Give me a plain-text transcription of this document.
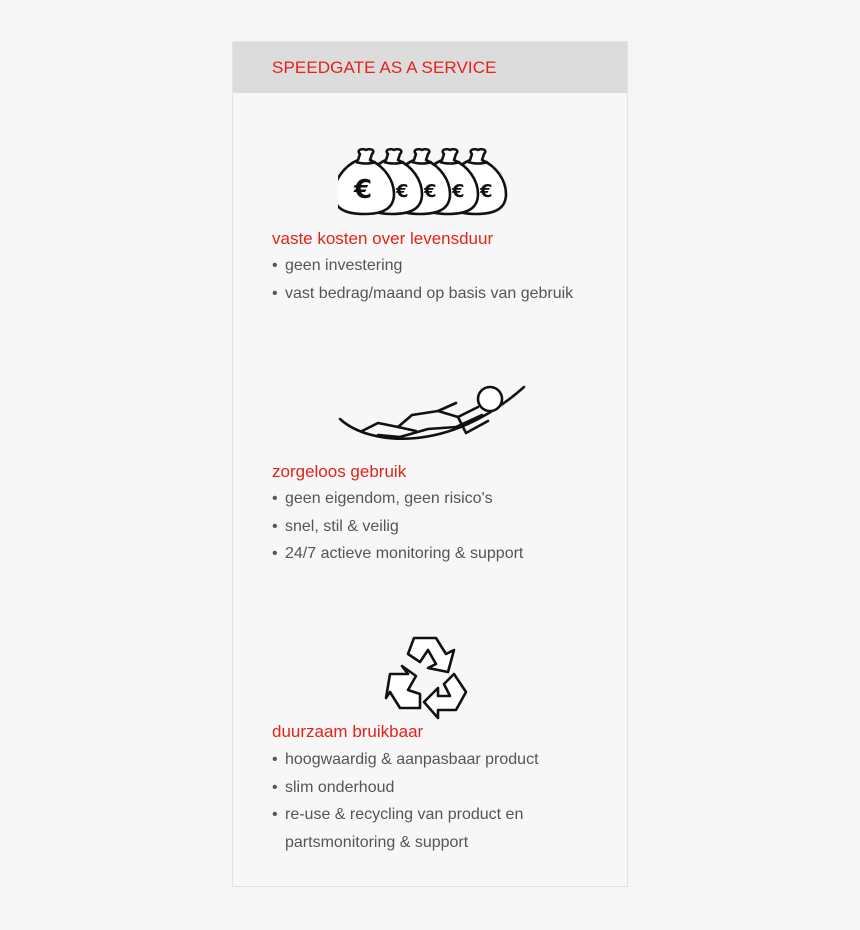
SPEEDGATE AS A SERVICE
€ € € € €
vaste kosten over levensduur
• geen investering
• vast bedrag/maand op basis van gebruik
zorgeloos gebruik
• geen eigendom, geen risico's
• snel, stil & veilig
• 24/7 actieve monitoring & support
duurzaam bruikbaar
• hoogwaardig & aanpasbaar product
• slim onderhoud
• re-use & recycling van product en partsmonitoring & support
